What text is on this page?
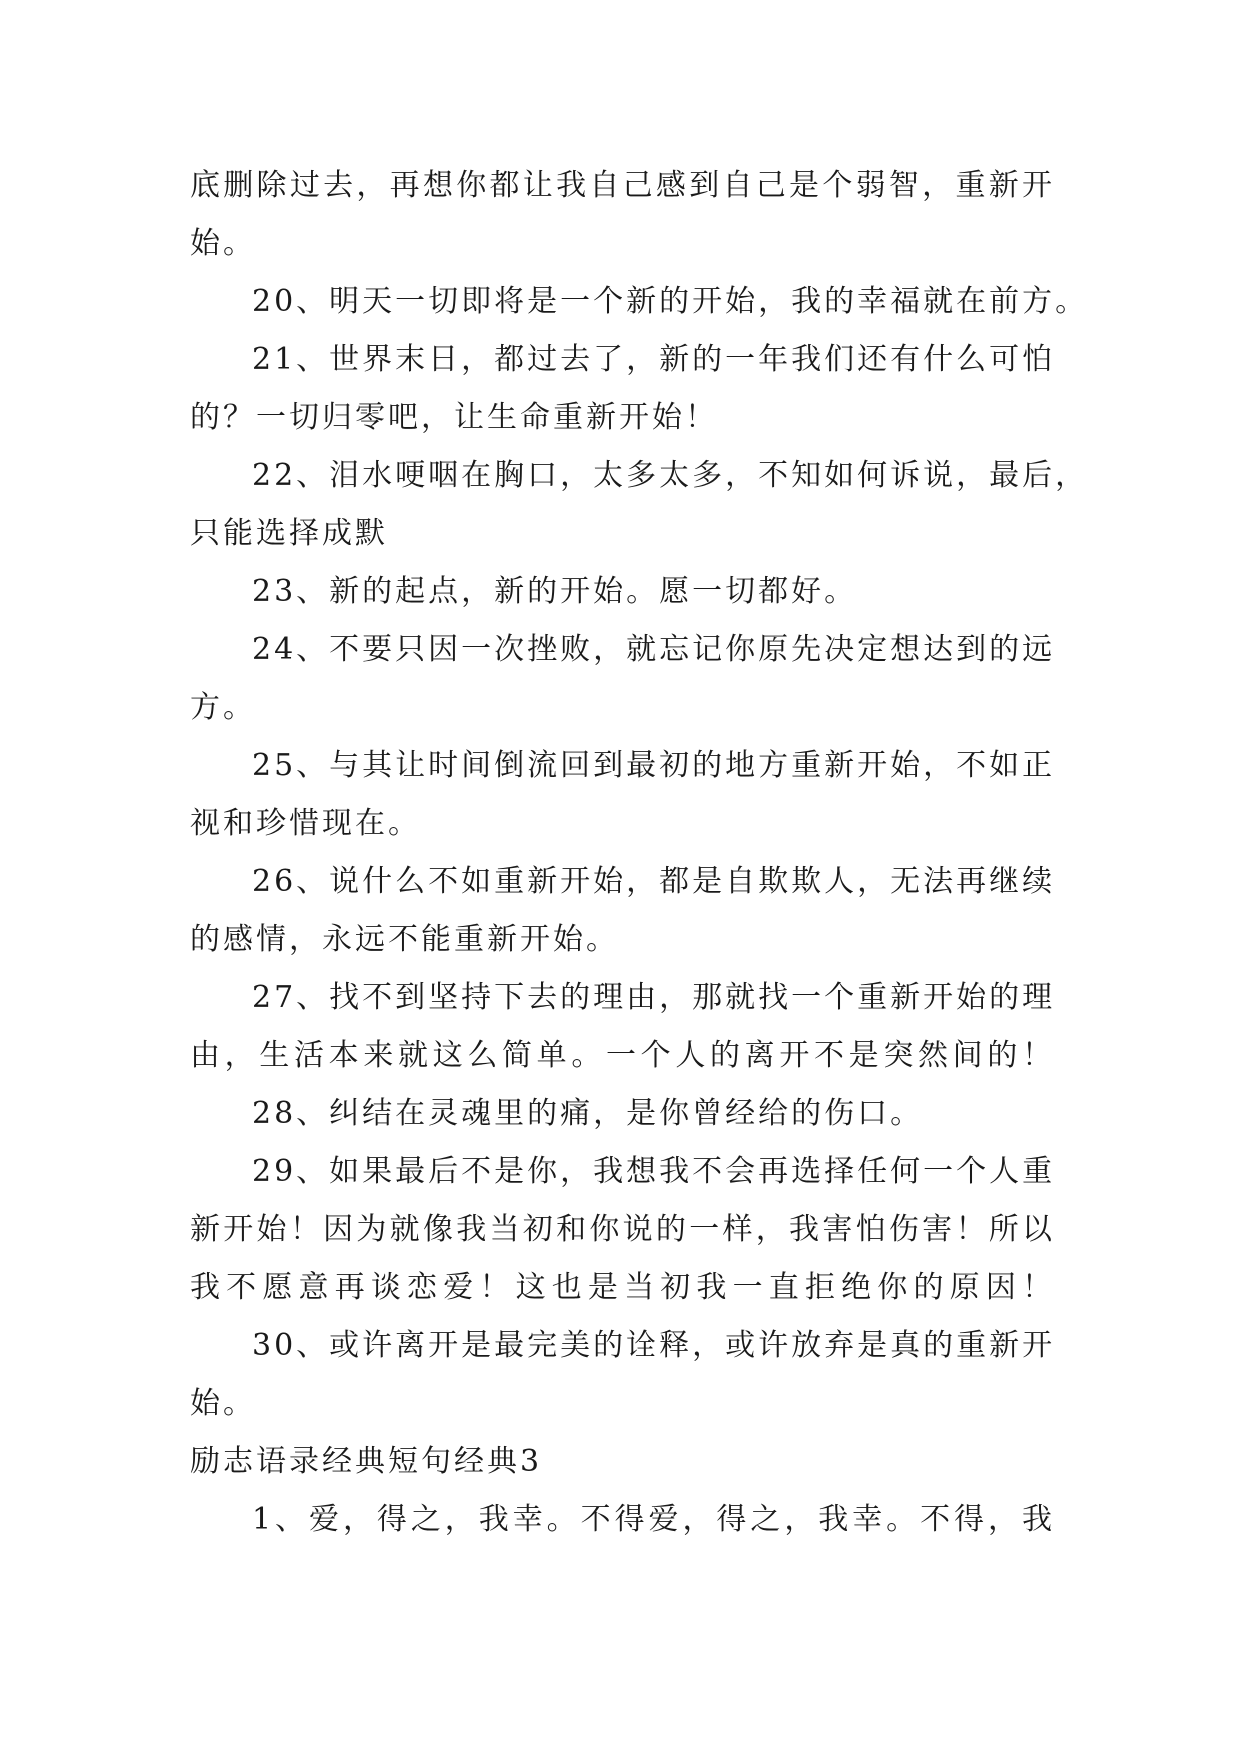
底删除过去，再想你都让我自己感到自己是个弱智，重新开
始。
20、明天一切即将是一个新的开始，我的幸福就在前方。
21、世界末日，都过去了，新的一年我们还有什么可怕
的？一切归零吧，让生命重新开始！
22、泪水哽咽在胸口，太多太多，不知如何诉说，最后，
只能选择成默
23、新的起点，新的开始。愿一切都好。
24、不要只因一次挫败，就忘记你原先决定想达到的远
方。
25、与其让时间倒流回到最初的地方重新开始，不如正
视和珍惜现在。
26、说什么不如重新开始，都是自欺欺人，无法再继续
的感情，永远不能重新开始。
27、找不到坚持下去的理由，那就找一个重新开始的理
由，生活本来就这么简单。一个人的离开不是突然间的！
28、纠结在灵魂里的痛，是你曾经给的伤口。
29、如果最后不是你，我想我不会再选择任何一个人重
新开始！因为就像我当初和你说的一样，我害怕伤害！所以
我不愿意再谈恋爱！这也是当初我一直拒绝你的原因！
30、或许离开是最完美的诠释，或许放弃是真的重新开
始。
励志语录经典短句经典3
1、爱，得之，我幸。不得爱，得之，我幸。不得，我
